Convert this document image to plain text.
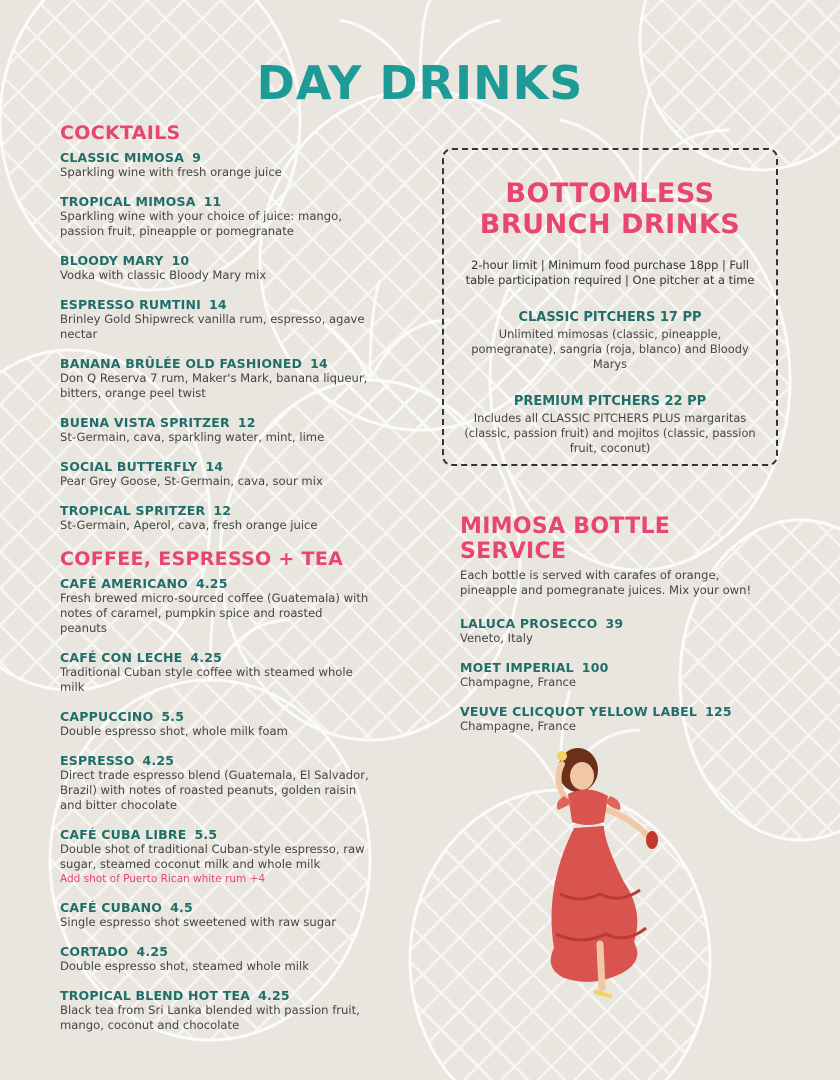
DAY DRINKS
COCKTAILS
CLASSIC MIMOSA 9
Sparkling wine with fresh orange juice
TROPICAL MIMOSA 11
Sparkling wine with your choice of juice: mango, passion fruit, pineapple or pomegranate
BLOODY MARY 10
Vodka with classic Bloody Mary mix
ESPRESSO RUMTINI 14
Brinley Gold Shipwreck vanilla rum, espresso, agave nectar
BANANA BRÛLÉE OLD FASHIONED 14
Don Q Reserva 7 rum, Maker's Mark, banana liqueur, bitters, orange peel twist
BUENA VISTA SPRITZER 12
St-Germain, cava, sparkling water, mint, lime
SOCIAL BUTTERFLY 14
Pear Grey Goose, St-Germain, cava, sour mix
TROPICAL SPRITZER 12
St-Germain, Aperol, cava, fresh orange juice
COFFEE, ESPRESSO + TEA
CAFÉ AMERICANO 4.25
Fresh brewed micro-sourced coffee (Guatemala) with notes of caramel, pumpkin spice and roasted peanuts
CAFÉ CON LECHE 4.25
Traditional Cuban style coffee with steamed whole milk
CAPPUCCINO 5.5
Double espresso shot, whole milk foam
ESPRESSO 4.25
Direct trade espresso blend (Guatemala, El Salvador, Brazil) with notes of roasted peanuts, golden raisin and bitter chocolate
CAFÉ CUBA LIBRE 5.5
Double shot of traditional Cuban-style espresso, raw sugar, steamed coconut milk and whole milk
Add shot of Puerto Rican white rum +4
CAFÉ CUBANO 4.5
Single espresso shot sweetened with raw sugar
CORTADO 4.25
Double espresso shot, steamed whole milk
TROPICAL BLEND HOT TEA 4.25
Black tea from Sri Lanka blended with passion fruit, mango, coconut and chocolate
BOTTOMLESS
BRUNCH DRINKS
2-hour limit | Minimum food purchase 18pp | Full table participation required | One pitcher at a time
CLASSIC PITCHERS 17 PP
Unlimited mimosas (classic, pineapple, pomegranate), sangria (roja, blanco) and Bloody Marys
PREMIUM PITCHERS 22 PP
Includes all CLASSIC PITCHERS PLUS margaritas (classic, passion fruit) and mojitos (classic, passion fruit, coconut)
MIMOSA BOTTLE SERVICE
Each bottle is served with carafes of orange, pineapple and pomegranate juices. Mix your own!
LALUCA PROSECCO 39
Veneto, Italy
MOET IMPERIAL 100
Champagne, France
VEUVE CLICQUOT YELLOW LABEL 125
Champagne, France
